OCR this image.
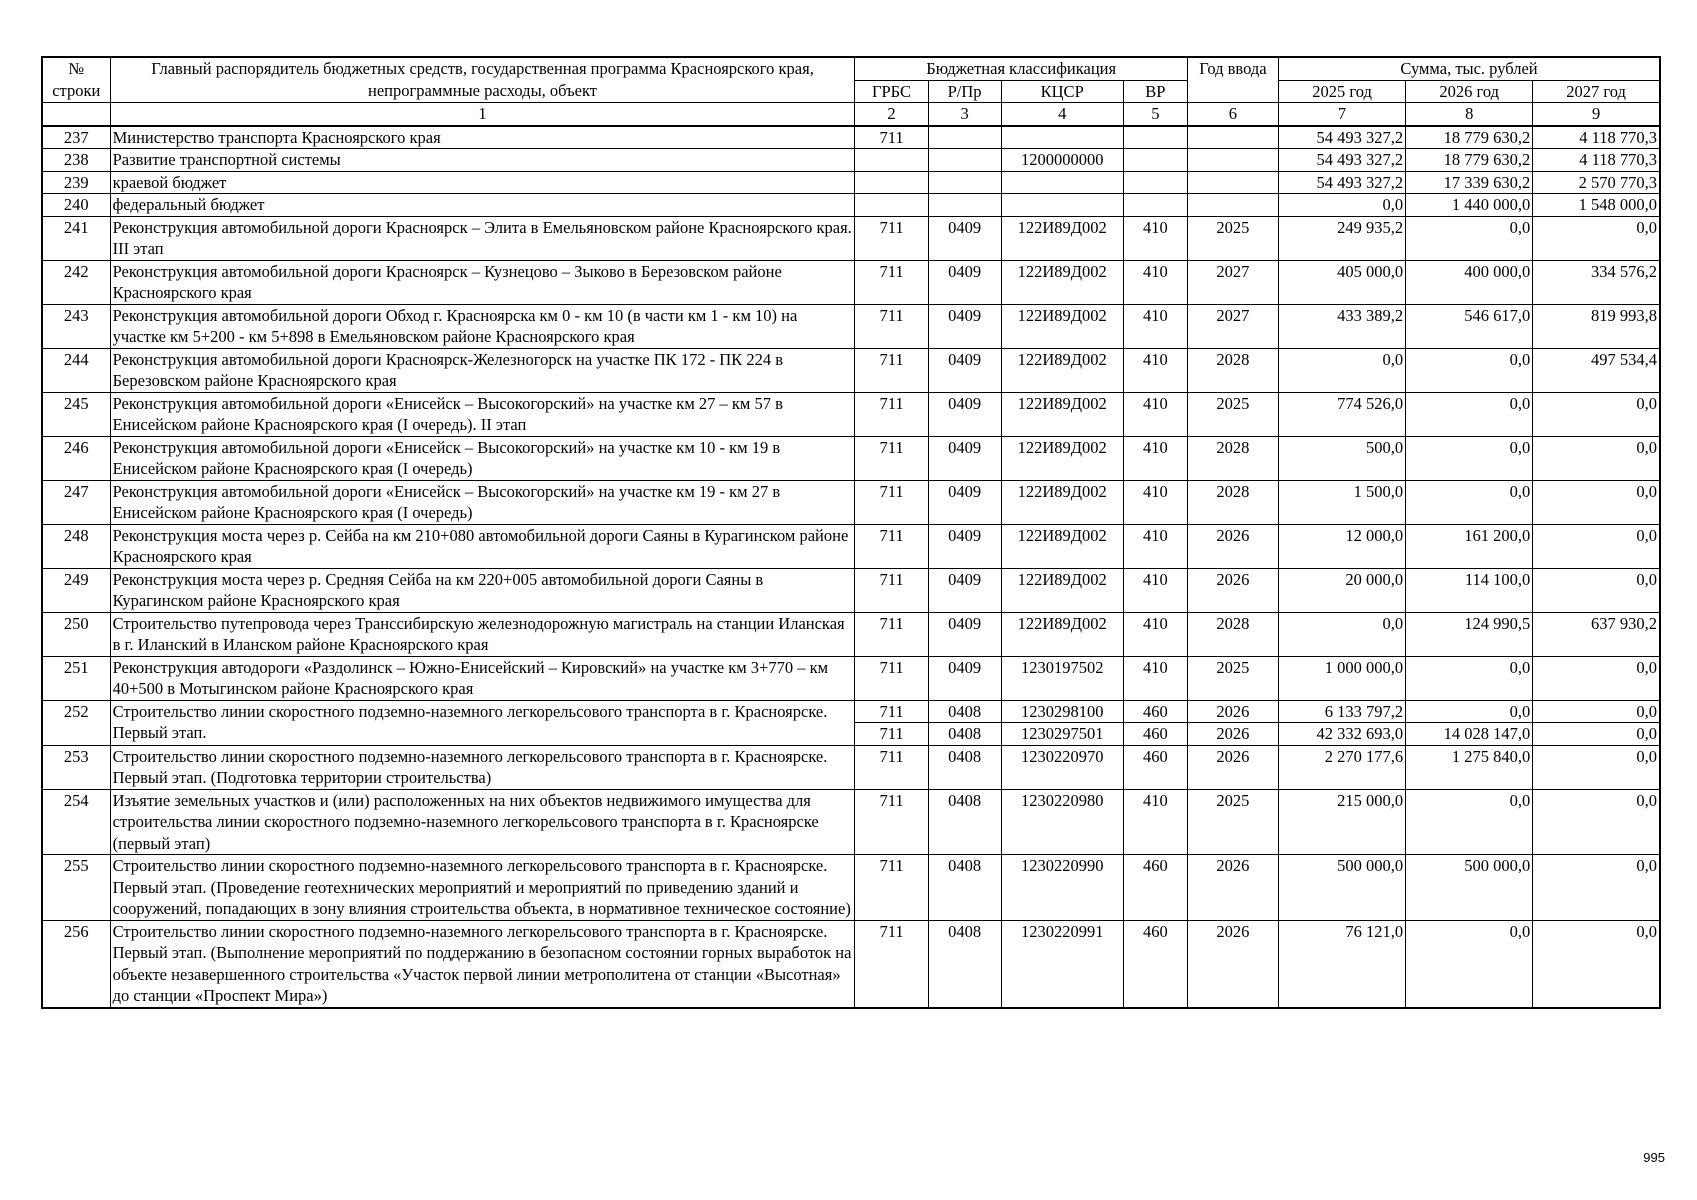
№ строки	Главный распорядитель бюджетных средств, государственная программа Красноярского края, непрограммные расходы, объект	Бюджетная классификация				Год ввода	Сумма, тыс. рублей		
		ГРБС	Р/Пр	КЦСР	ВР		2025 год	2026 год	2027 год
	1	2	3	4	5	6	7	8	9
237	Министерство транспорта Красноярского края	711					54 493 327,2	18 779 630,2	4 118 770,3
238	Развитие транспортной системы			1200000000			54 493 327,2	18 779 630,2	4 118 770,3
239	краевой бюджет						54 493 327,2	17 339 630,2	2 570 770,3
240	федеральный бюджет						0,0	1 440 000,0	1 548 000,0
241	Реконструкция автомобильной дороги Красноярск – Элита в Емельяновском районе Красноярского края. III этап	711	0409	122И89Д002	410	2025	249 935,2	0,0	0,0
242	Реконструкция автомобильной дороги Красноярск – Кузнецово – Зыково в Березовском районе Красноярского края	711	0409	122И89Д002	410	2027	405 000,0	400 000,0	334 576,2
243	Реконструкция автомобильной дороги Обход г. Красноярска км 0 - км 10 (в части км 1 - км 10) на участке км 5+200 - км 5+898 в Емельяновском районе Красноярского края	711	0409	122И89Д002	410	2027	433 389,2	546 617,0	819 993,8
244	Реконструкция автомобильной дороги Красноярск-Железногорск на участке ПК 172 - ПК 224 в Березовском районе Красноярского края	711	0409	122И89Д002	410	2028	0,0	0,0	497 534,4
245	Реконструкция автомобильной дороги «Енисейск – Высокогорский» на участке км 27 – км 57 в Енисейском районе Красноярского края (I очередь). II этап	711	0409	122И89Д002	410	2025	774 526,0	0,0	0,0
246	Реконструкция автомобильной дороги «Енисейск – Высокогорский» на участке км 10 - км 19 в Енисейском районе Красноярского края (I очередь)	711	0409	122И89Д002	410	2028	500,0	0,0	0,0
247	Реконструкция автомобильной дороги «Енисейск – Высокогорский» на участке км 19 - км 27 в Енисейском районе Красноярского края (I очередь)	711	0409	122И89Д002	410	2028	1 500,0	0,0	0,0
248	Реконструкция моста через р. Сейба на км 210+080 автомобильной дороги Саяны в Курагинском районе Красноярского края	711	0409	122И89Д002	410	2026	12 000,0	161 200,0	0,0
249	Реконструкция моста через р. Средняя Сейба на км 220+005 автомобильной дороги Саяны в Курагинском районе Красноярского края	711	0409	122И89Д002	410	2026	20 000,0	114 100,0	0,0
250	Строительство путепровода через Транссибирскую железнодорожную магистраль на станции Иланская в г. Иланский в Иланском районе Красноярского края	711	0409	122И89Д002	410	2028	0,0	124 990,5	637 930,2
251	Реконструкция автодороги «Раздолинск – Южно-Енисейский – Кировский» на участке км 3+770 – км 40+500 в Мотыгинском районе Красноярского края	711	0409	1230197502	410	2025	1 000 000,0	0,0	0,0
252	Строительство линии скоростного подземно-наземного легкорельсового транспорта в г. Красноярске. Первый этап.	711	0408	1230298100	460	2026	6 133 797,2	0,0	0,0
		711	0408	1230297501	460	2026	42 332 693,0	14 028 147,0	0,0
253	Строительство линии скоростного подземно-наземного легкорельсового транспорта в г. Красноярске. Первый этап. (Подготовка территории строительства)	711	0408	1230220970	460	2026	2 270 177,6	1 275 840,0	0,0
254	Изъятие земельных участков и (или) расположенных на них объектов недвижимого имущества для строительства линии скоростного подземно-наземного легкорельсового транспорта в г. Красноярске (первый этап)	711	0408	1230220980	410	2025	215 000,0	0,0	0,0
255	Строительство линии скоростного подземно-наземного легкорельсового транспорта в г. Красноярске. Первый этап. (Проведение геотехнических мероприятий и мероприятий по приведению зданий и сооружений, попадающих в зону влияния строительства объекта, в нормативное техническое состояние)	711	0408	1230220990	460	2026	500 000,0	500 000,0	0,0
256	Строительство линии скоростного подземно-наземного легкорельсового транспорта в г. Красноярске. Первый этап. (Выполнение мероприятий по поддержанию в безопасном состоянии горных выработок на объекте незавершенного строительства «Участок первой линии метрополитена от станции «Высотная» до станции «Проспект Мира»)	711	0408	1230220991	460	2026	76 121,0	0,0	0,0
995
